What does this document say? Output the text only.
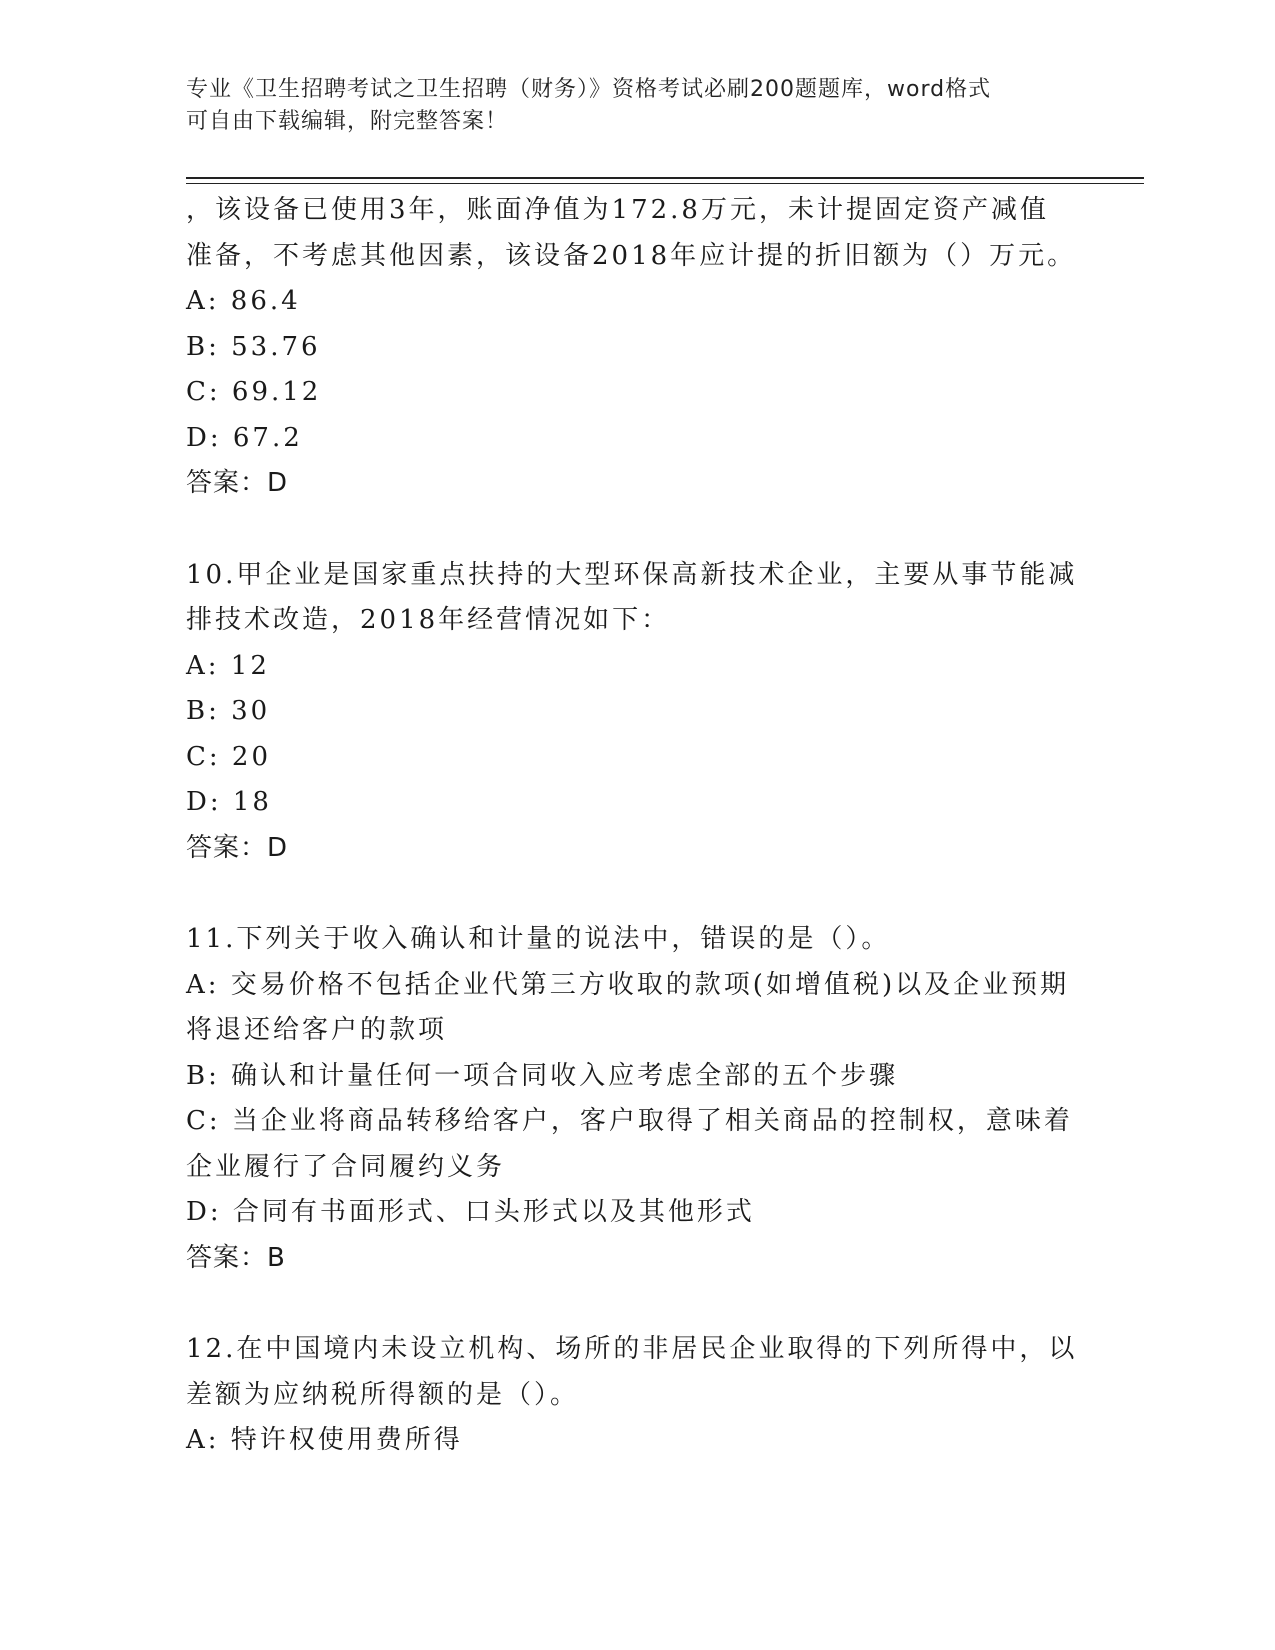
专业《卫生招聘考试之卫生招聘（财务）》资格考试必刷200题题库，word格式
可自由下载编辑，附完整答案！
，该设备已使用3年，账面净值为172.8万元，未计提固定资产减值
准备，不考虑其他因素，该设备2018年应计提的折旧额为（）万元。
A: 86.4
B: 53.76
C: 69.12
D: 67.2
答案：D
10.甲企业是国家重点扶持的大型环保高新技术企业，主要从事节能减
排技术改造，2018年经营情况如下：
A: 12
B: 30
C: 20
D: 18
答案：D
11.下列关于收入确认和计量的说法中，错误的是（）。
A: 交易价格不包括企业代第三方收取的款项(如增值税)以及企业预期
将退还给客户的款项
B: 确认和计量任何一项合同收入应考虑全部的五个步骤
C: 当企业将商品转移给客户，客户取得了相关商品的控制权，意味着
企业履行了合同履约义务
D: 合同有书面形式、口头形式以及其他形式
答案：B
12.在中国境内未设立机构、场所的非居民企业取得的下列所得中，以
差额为应纳税所得额的是（）。
A: 特许权使用费所得
